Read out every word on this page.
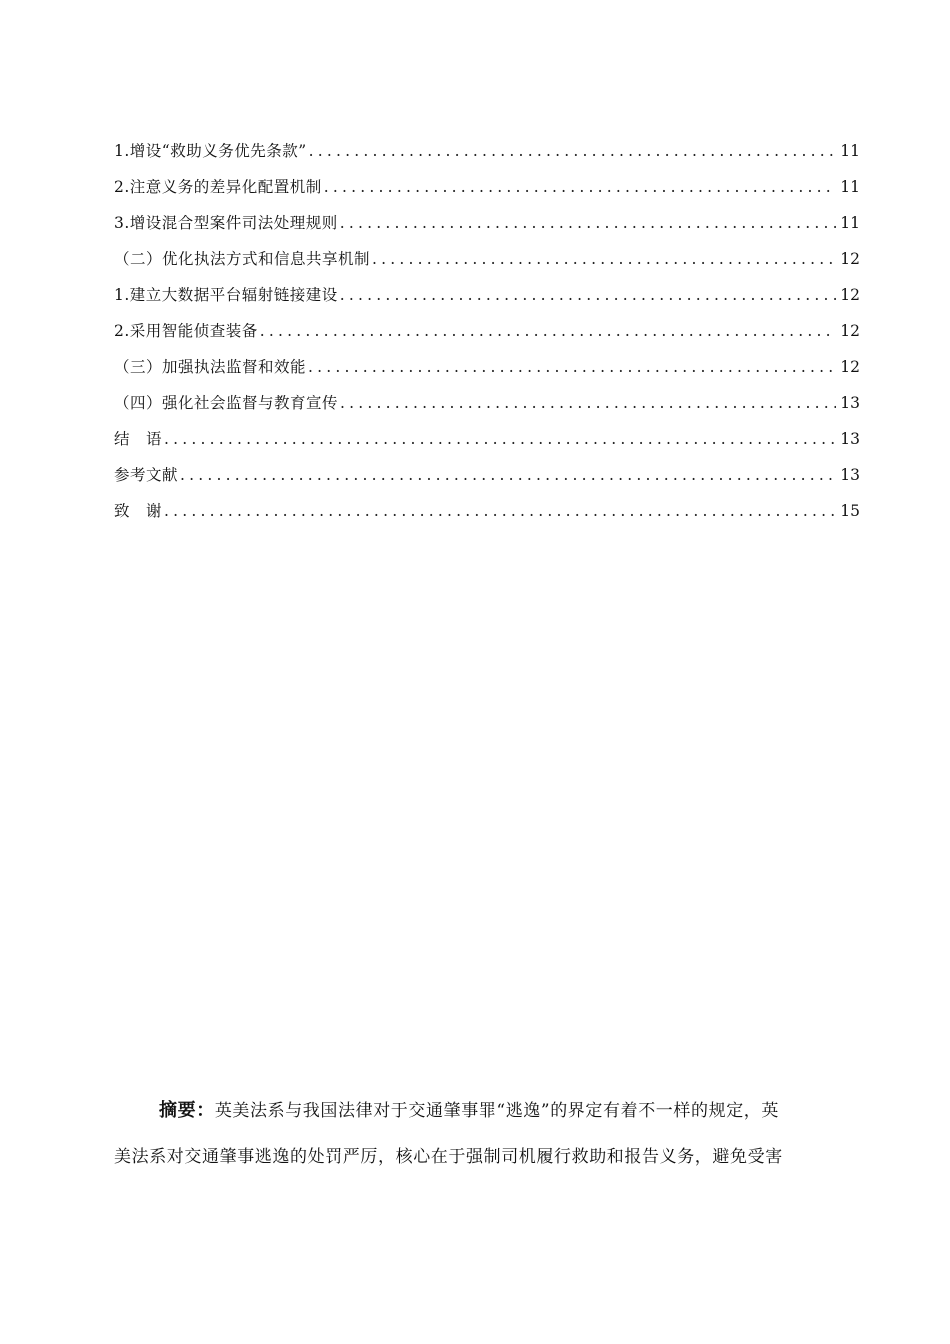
1.增设“救助义务优先条款” .....	11
2.注意义务的差异化配置机制 .....	11
3.增设混合型案件司法处理规则 .....	11
（二）优化执法方式和信息共享机制 .....	12
1.建立大数据平台辐射链接建设 .....	12
2.采用智能侦查装备 .....	12
（三）加强执法监督和效能 .....	12
（四）强化社会监督与教育宣传 .....	13
结　语 .....	13
参考文献 .....	13
致　谢 .....	15
摘要：英美法系与我国法律对于交通肇事罪“逃逸”的界定有着不一样的规定，英
美法系对交通肇事逃逸的处罚严厉，核心在于强制司机履行救助和报告义务，避免受害
